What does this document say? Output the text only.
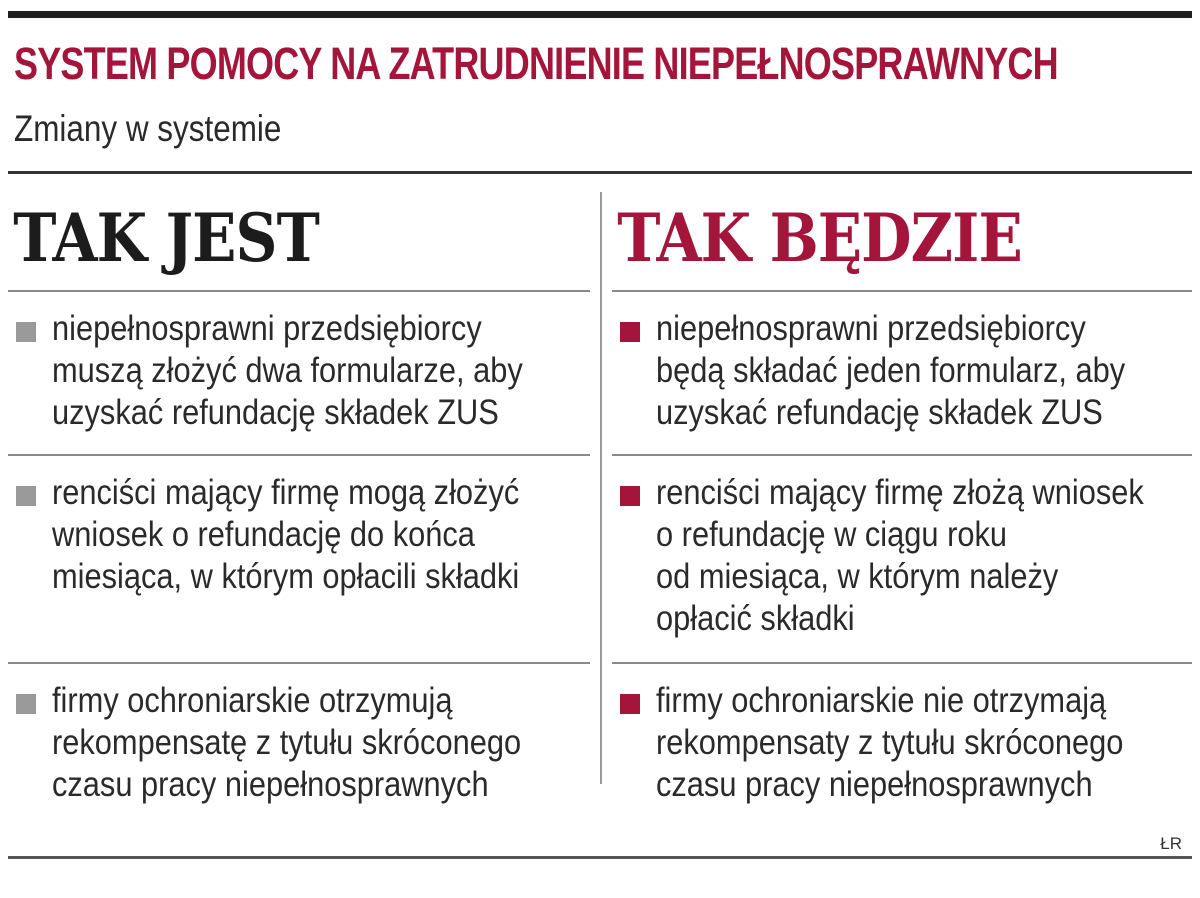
SYSTEM POMOCY NA ZATRUDNIENIE NIEPEŁNOSPRAWNYCH
Zmiany w systemie
TAK JEST
niepełnosprawni przedsiębiorcy
muszą złożyć dwa formularze, aby
uzyskać refundację składek ZUS
renciści mający firmę mogą złożyć
wniosek o refundację do końca
miesiąca, w którym opłacili składki
firmy ochroniarskie otrzymują
rekompensatę z tytułu skróconego
czasu pracy niepełnosprawnych
TAK BĘDZIE
niepełnosprawni przedsiębiorcy
będą składać jeden formularz, aby
uzyskać refundację składek ZUS
renciści mający firmę złożą wniosek
o refundację w ciągu roku
od miesiąca, w którym należy
opłacić składki
firmy ochroniarskie nie otrzymają
rekompensaty z tytułu skróconego
czasu pracy niepełnosprawnych
ŁR
